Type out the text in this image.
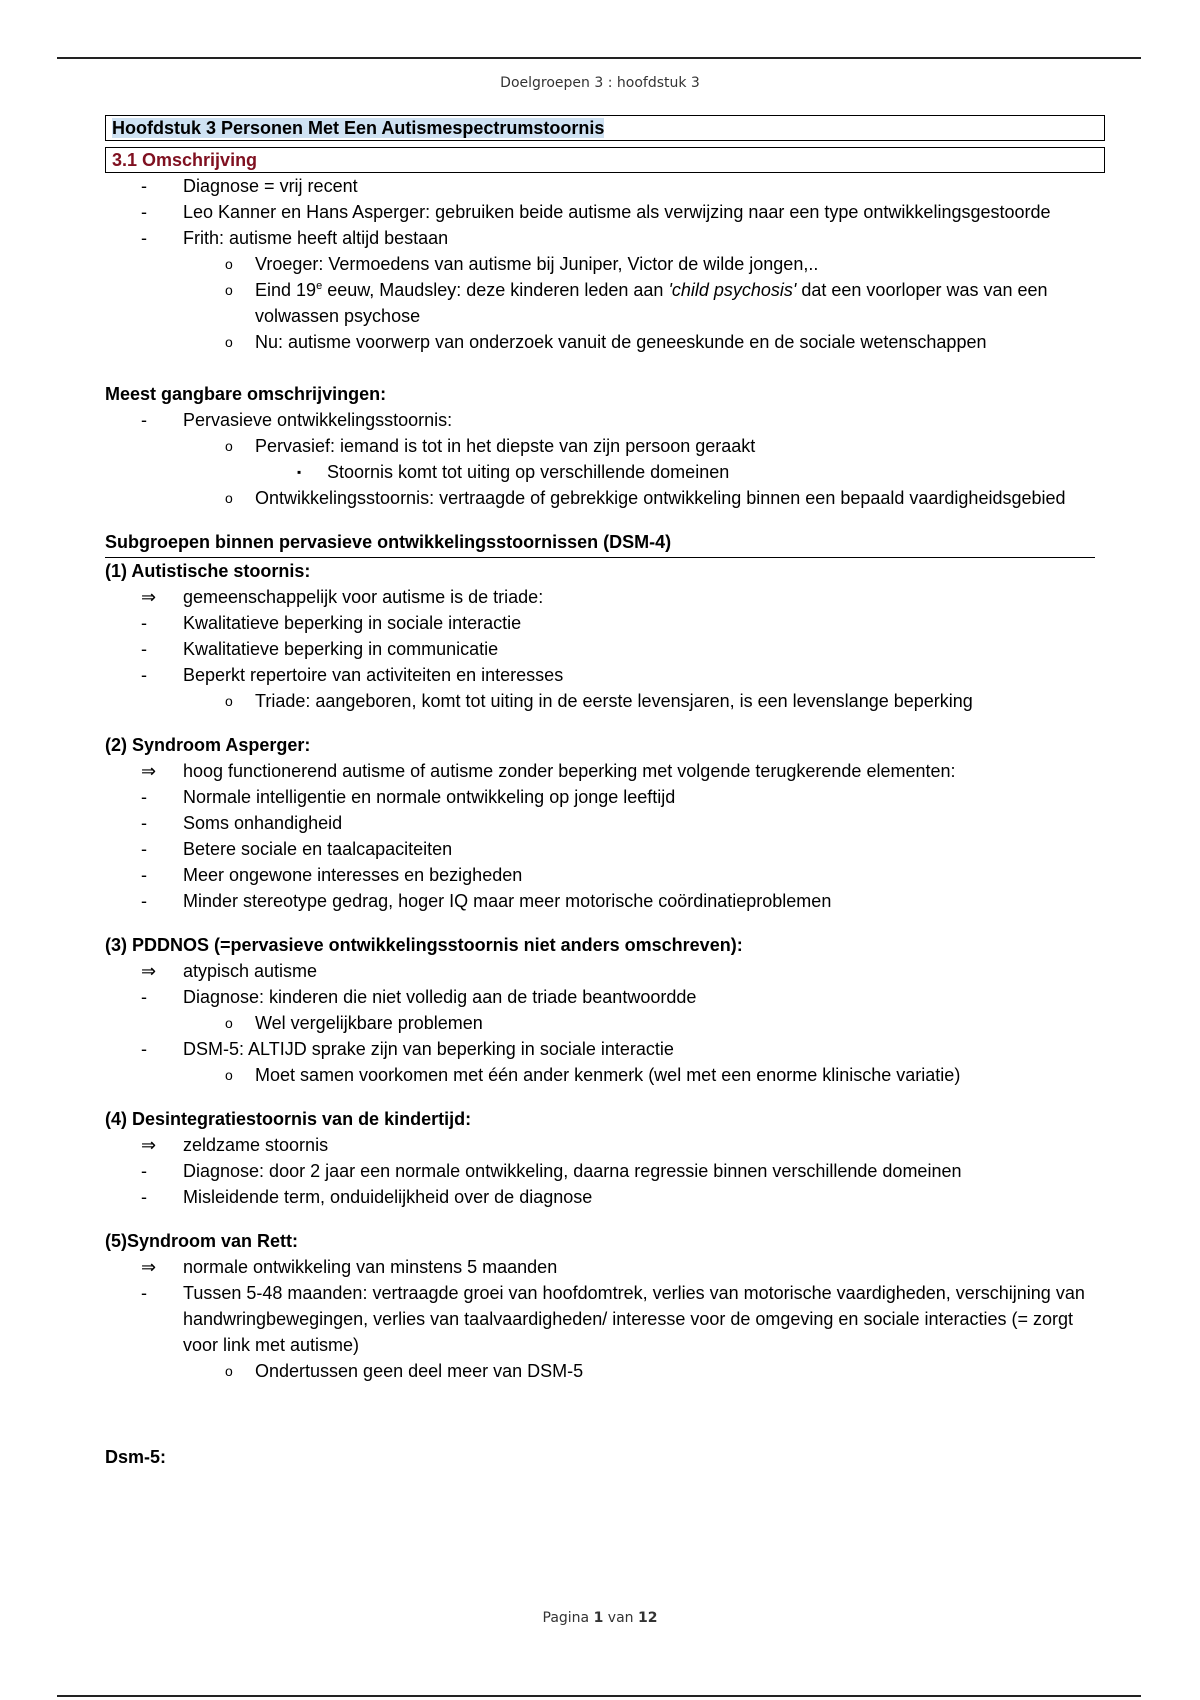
Doelgroepen 3 : hoofdstuk 3
Hoofdstuk 3 Personen Met Een Autismespectrumstoornis
3.1 Omschrijving
- Diagnose = vrij recent
- Leo Kanner en Hans Asperger: gebruiken beide autisme als verwijzing naar een type ontwikkelingsgestoorde
- Frith: autisme heeft altijd bestaan
o Vroeger: Vermoedens van autisme bij Juniper, Victor de wilde jongen,..
o Eind 19e eeuw, Maudsley: deze kinderen leden aan 'child psychosis' dat een voorloper was van een volwassen psychose
o Nu: autisme voorwerp van onderzoek vanuit de geneeskunde en de sociale wetenschappen
Meest gangbare omschrijvingen:
- Pervasieve ontwikkelingsstoornis:
o Pervasief: iemand is tot in het diepste van zijn persoon geraakt
▪ Stoornis komt tot uiting op verschillende domeinen
o Ontwikkelingsstoornis: vertraagde of gebrekkige ontwikkeling binnen een bepaald vaardigheidsgebied
Subgroepen binnen pervasieve ontwikkelingsstoornissen (DSM-4)
(1) Autistische stoornis:
⇒ gemeenschappelijk voor autisme is de triade:
- Kwalitatieve beperking in sociale interactie
- Kwalitatieve beperking in communicatie
- Beperkt repertoire van activiteiten en interesses
o Triade: aangeboren, komt tot uiting in de eerste levensjaren, is een levenslange beperking
(2) Syndroom Asperger:
⇒ hoog functionerend autisme of autisme zonder beperking met volgende terugkerende elementen:
- Normale intelligentie en normale ontwikkeling op jonge leeftijd
- Soms onhandigheid
- Betere sociale en taalcapaciteiten
- Meer ongewone interesses en bezigheden
- Minder stereotype gedrag, hoger IQ maar meer motorische coördinatieproblemen
(3) PDDNOS (=pervasieve ontwikkelingsstoornis niet anders omschreven):
⇒ atypisch autisme
- Diagnose: kinderen die niet volledig aan de triade beantwoordde
o Wel vergelijkbare problemen
- DSM-5: ALTIJD sprake zijn van beperking in sociale interactie
o Moet samen voorkomen met één ander kenmerk (wel met een enorme klinische variatie)
(4) Desintegratiestoornis van de kindertijd:
⇒ zeldzame stoornis
- Diagnose: door 2 jaar een normale ontwikkeling, daarna regressie binnen verschillende domeinen
- Misleidende term, onduidelijkheid over de diagnose
(5)Syndroom van Rett:
⇒ normale ontwikkeling van minstens 5 maanden
- Tussen 5-48 maanden: vertraagde groei van hoofdomtrek, verlies van motorische vaardigheden, verschijning van handwringbewegingen, verlies van taalvaardigheden/ interesse voor de omgeving en sociale interacties (= zorgt voor link met autisme)
o Ondertussen geen deel meer van DSM-5
Dsm-5:
Pagina 1 van 12
